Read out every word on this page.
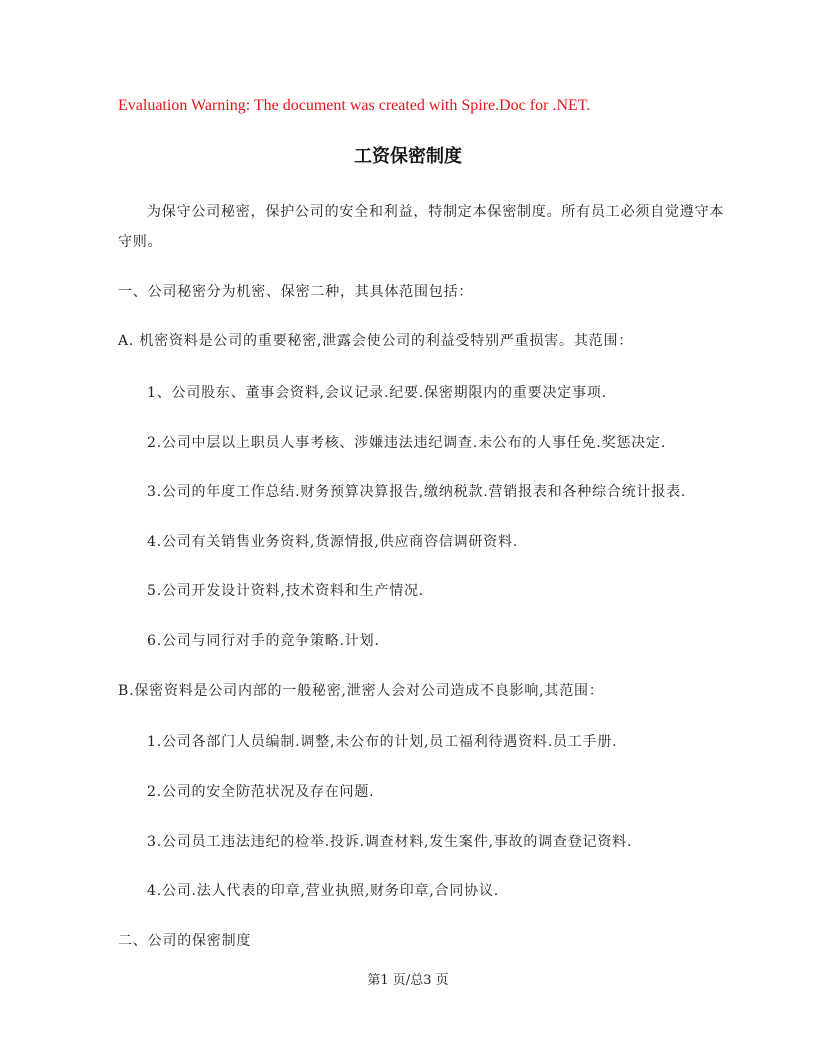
Evaluation Warning: The document was created with Spire.Doc for .NET.
工资保密制度
为保守公司秘密，保护公司的安全和利益，特制定本保密制度。所有员工必须自觉遵守本
守则。
一、公司秘密分为机密、保密二种，其具体范围包括：
A. 机密资料是公司的重要秘密,泄露会使公司的利益受特别严重损害。其范围：
1、公司股东、董事会资料,会议记录.纪要.保密期限内的重要决定事项.
2.公司中层以上职员人事考核、涉嫌违法违纪调查.未公布的人事任免.奖惩决定.
3.公司的年度工作总结.财务预算决算报告,缴纳税款.营销报表和各种综合统计报表.
4.公司有关销售业务资料,货源情报,供应商咨信调研资料.
5.公司开发设计资料,技术资料和生产情况.
6.公司与同行对手的竞争策略.计划.
B.保密资料是公司内部的一般秘密,泄密人会对公司造成不良影响,其范围：
1.公司各部门人员编制.调整,未公布的计划,员工福利待遇资料.员工手册.
2.公司的安全防范状况及存在问题.
3.公司员工违法违纪的检举.投诉.调查材料,发生案件,事故的调查登记资料.
4.公司.法人代表的印章,营业执照,财务印章,合同协议.
二、公司的保密制度
第1 页/总3 页
